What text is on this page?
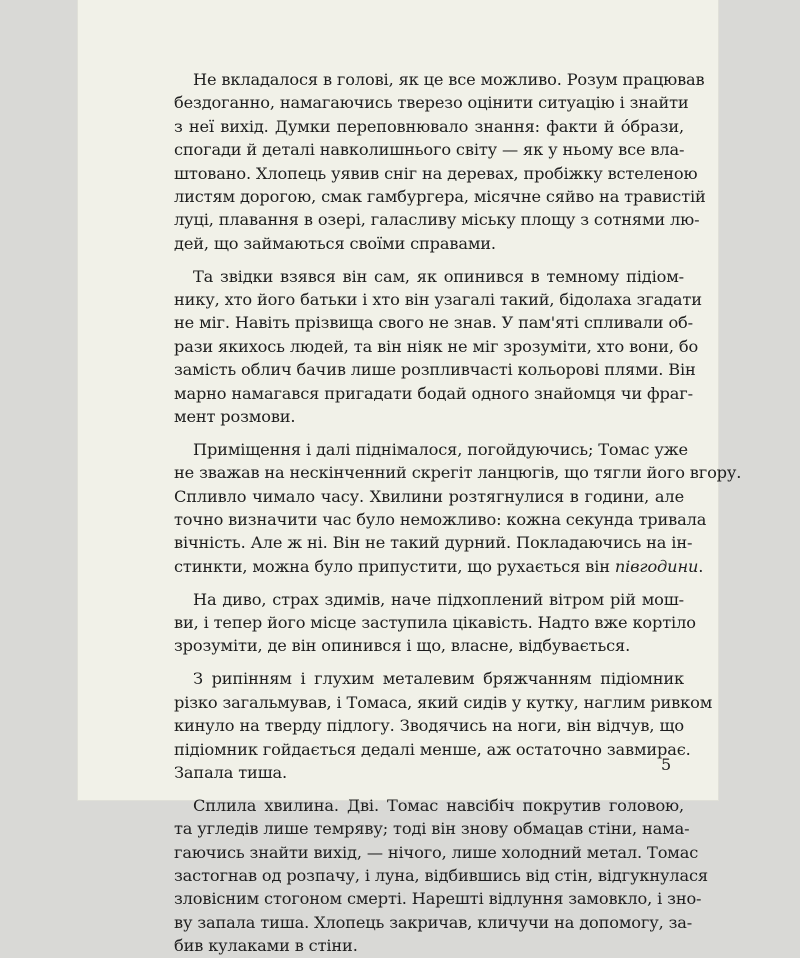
Не вкладалося в голові, як це все можливо. Розум працював
бездоганно, намагаючись тверезо оцінити ситуацію і знайти
з неї вихід. Думки переповнювало знання: факти й óбрази,
спогади й деталі навколишнього світу — як у ньому все вла-
штовано. Хлопець уявив сніг на деревах, пробіжку встеленою
листям дорогою, смак гамбургера, місячне сяйво на травистій
луці, плавання в озері, галасливу міську площу з сотнями лю-
дей, що займаються своїми справами.
Та звідки взявся він сам, як опинився в темному підіом-
нику, хто його батьки і хто він узагалі такий, бідолаха згадати
не міг. Навіть прізвища свого не знав. У пам'яті спливали об-
рази якихось людей, та він ніяк не міг зрозуміти, хто вони, бо
замість облич бачив лише розпливчасті кольорові плями. Він
марно намагався пригадати бодай одного знайомця чи фраг-
мент розмови.
Приміщення і далі піднімалося, погойдуючись; Томас уже
не зважав на нескінченний скрегіт ланцюгів, що тягли його вгору.
Спливло чимало часу. Хвилини розтягнулися в години, але
точно визначити час було неможливо: кожна секунда тривала
вічність. Але ж ні. Він не такий дурний. Покладаючись на ін-
стинкти, можна було припустити, що рухається він півгодини.
На диво, страх здимів, наче підхоплений вітром рій мош-
ви, і тепер його місце заступила цікавість. Надто вже кортіло
зрозуміти, де він опинився і що, власне, відбувається.
З рипінням і глухим металевим бряжчанням підіомник
різко загальмував, і Томаса, який сидів у кутку, наглим ривком
кинуло на тверду підлогу. Зводячись на ноги, він відчув, що
підіомник гойдається дедалі менше, аж остаточно завмирає.
Запала тиша.
Сплила хвилина. Дві. Томас навсібіч покрутив головою,
та угледів лише темряву; тоді він знову обмацав стіни, нама-
гаючись знайти вихід, — нічого, лише холодний метал. Томас
застогнав од розпачу, і луна, відбившись від стін, відгукнулася
зловісним стогоном смерті. Нарешті відлуння замовкло, і зно-
ву запала тиша. Хлопець закричав, кличучи на допомогу, за-
бив кулаками в стіни.
5
